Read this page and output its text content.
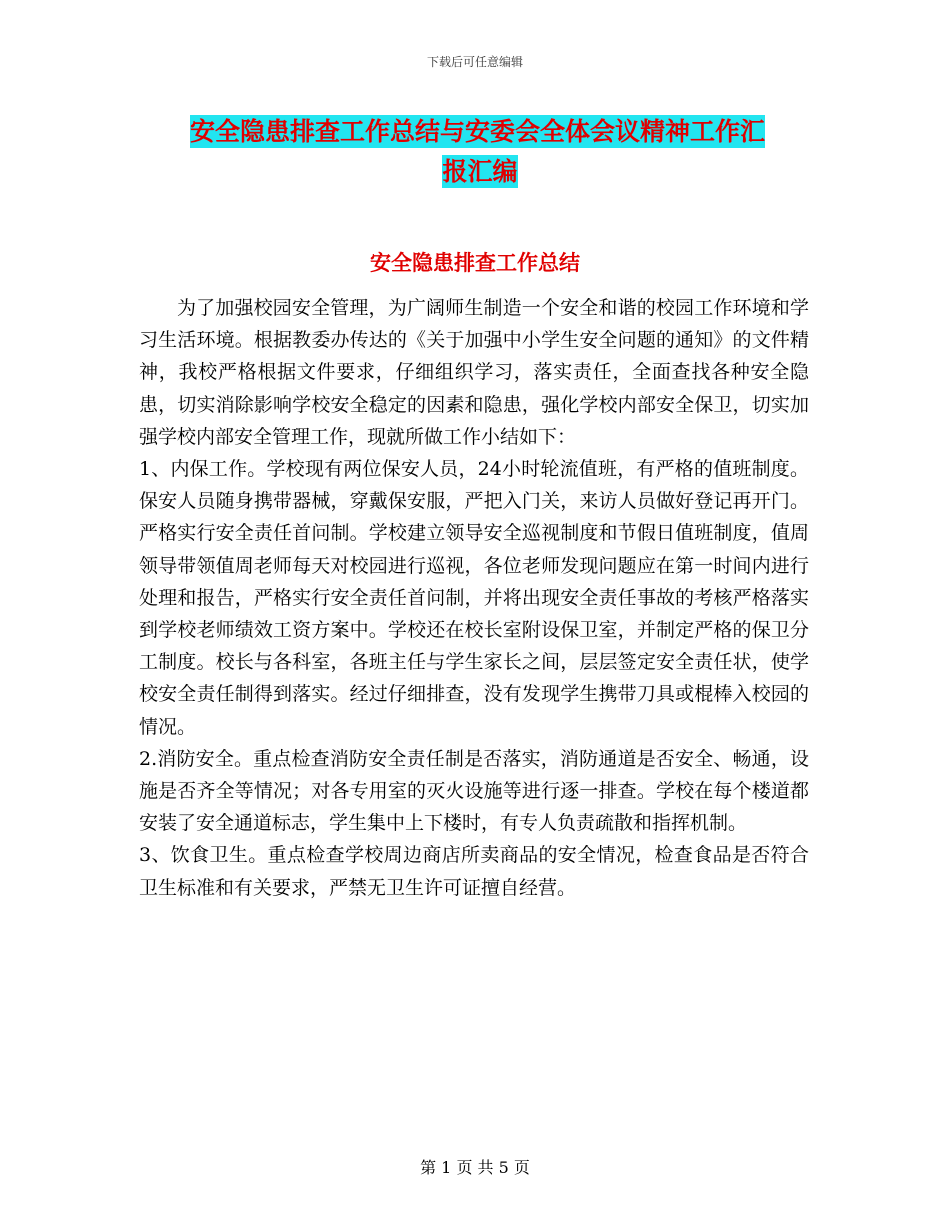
下载后可任意编辑
安全隐患排查工作总结与安委会全体会议精神工作汇
报汇编
安全隐患排查工作总结

为了加强校园安全管理，为广阔师生制造一个安全和谐的校园工作环境和学习生活环境。根据教委办传达的《关于加强中小学生安全问题的通知》的文件精神，我校严格根据文件要求，仔细组织学习，落实责任，全面查找各种安全隐患，切实消除影响学校安全稳定的因素和隐患，强化学校内部安全保卫，切实加强学校内部安全管理工作，现就所做工作小结如下：

1、内保工作。学校现有两位保安人员，24小时轮流值班，有严格的值班制度。保安人员随身携带器械，穿戴保安服，严把入门关，来访人员做好登记再开门。严格实行安全责任首问制。学校建立领导安全巡视制度和节假日值班制度，值周领导带领值周老师每天对校园进行巡视，各位老师发现问题应在第一时间内进行处理和报告，严格实行安全责任首问制，并将出现安全责任事故的考核严格落实到学校老师绩效工资方案中。学校还在校长室附设保卫室，并制定严格的保卫分工制度。校长与各科室，各班主任与学生家长之间，层层签定安全责任状，使学校安全责任制得到落实。经过仔细排查，没有发现学生携带刀具或棍棒入校园的情况。

2.消防安全。重点检查消防安全责任制是否落实，消防通道是否安全、畅通，设施是否齐全等情况；对各专用室的灭火设施等进行逐一排查。学校在每个楼道都安装了安全通道标志，学生集中上下楼时，有专人负责疏散和指挥机制。

3、饮食卫生。重点检查学校周边商店所卖商品的安全情况，检查食品是否符合卫生标准和有关要求，严禁无卫生许可证擅自经营。

第 1 页 共 5 页
